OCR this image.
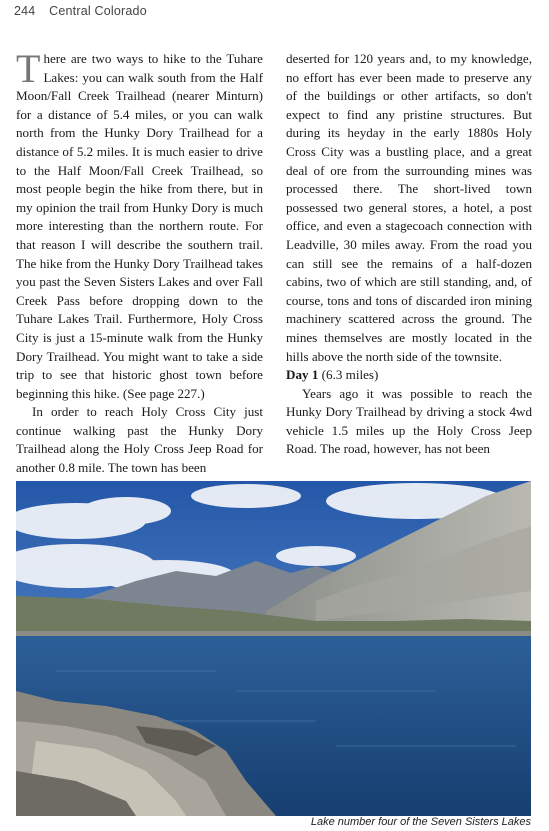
244 Central Colorado

There are two ways to hike to the Tuhare Lakes: you can walk south from the Half Moon/Fall Creek Trailhead (nearer Minturn) for a distance of 5.4 miles, or you can walk north from the Hunky Dory Trailhead for a distance of 5.2 miles. It is much easier to drive to the Half Moon/Fall Creek Trailhead, so most people begin the hike from there, but in my opinion the trail from Hunky Dory is much more interesting than the northern route. For that reason I will describe the southern trail. The hike from the Hunky Dory Trailhead takes you past the Seven Sisters Lakes and over Fall Creek Pass before dropping down to the Tuhare Lakes Trail. Furthermore, Holy Cross City is just a 15-minute walk from the Hunky Dory Trailhead. You might want to take a side trip to see that historic ghost town before beginning this hike. (See page 227.)

In order to reach Holy Cross City just continue walking past the Hunky Dory Trailhead along the Holy Cross Jeep Road for another 0.8 mile. The town has been

deserted for 120 years and, to my knowledge, no effort has ever been made to preserve any of the buildings or other artifacts, so don't expect to find any pristine structures. But during its heyday in the early 1880s Holy Cross City was a bustling place, and a great deal of ore from the surrounding mines was processed there. The short-lived town possessed two general stores, a hotel, a post office, and even a stagecoach connection with Leadville, 30 miles away. From the road you can still see the remains of a half-dozen cabins, two of which are still standing, and, of course, tons and tons of discarded iron mining machinery scattered across the ground. The mines themselves are mostly located in the hills above the north side of the townsite.

Day 1 (6.3 miles)

Years ago it was possible to reach the Hunky Dory Trailhead by driving a stock 4wd vehicle 1.5 miles up the Holy Cross Jeep Road. The road, however, has not been

Lake number four of the Seven Sisters Lakes
